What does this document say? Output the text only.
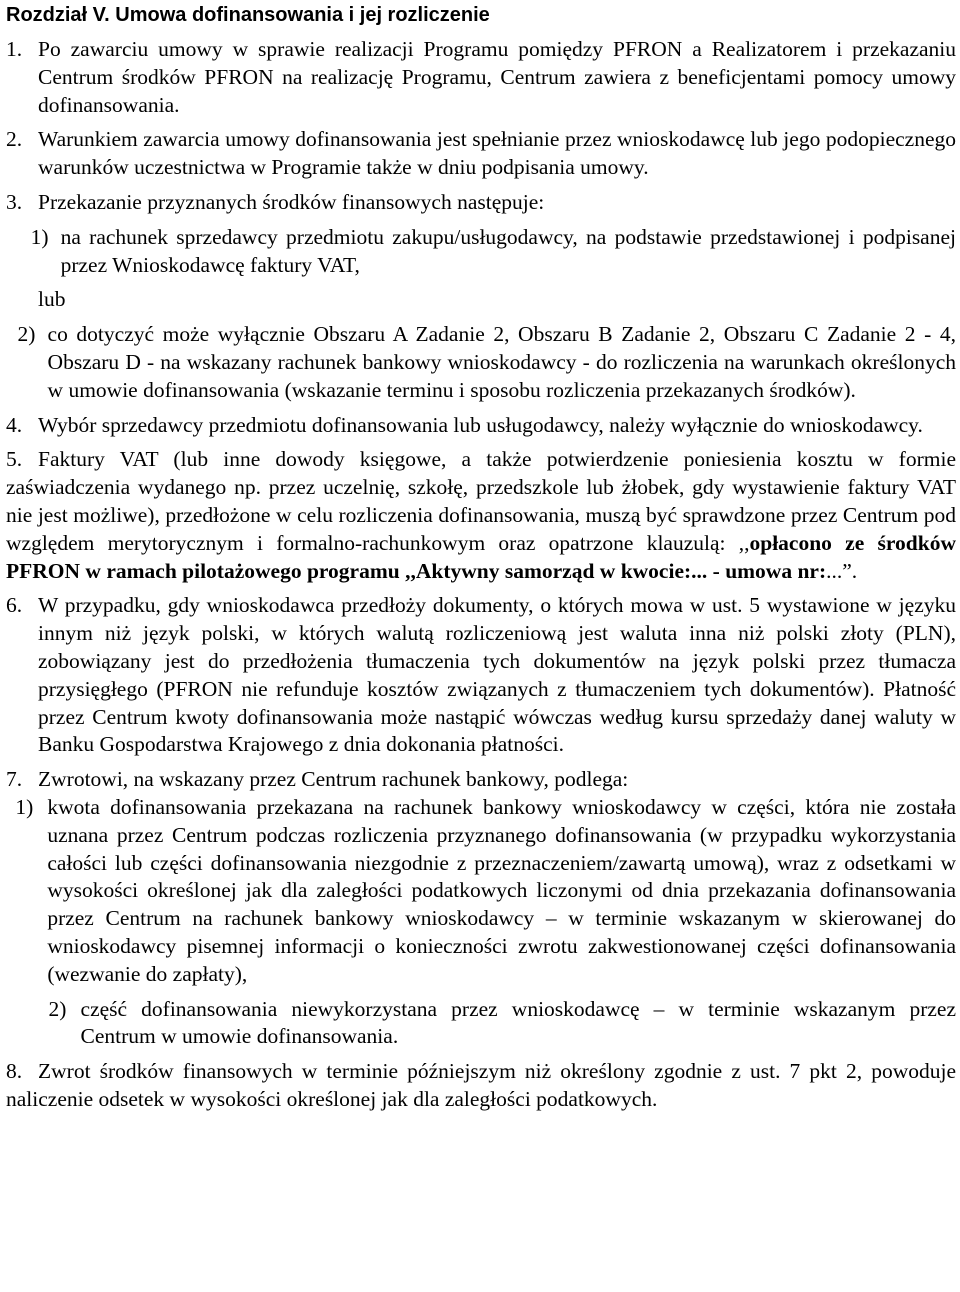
Rozdział V. Umowa dofinansowania i jej rozliczenie
1. Po zawarciu umowy w sprawie realizacji Programu pomiędzy PFRON a Realizatorem i przekazaniu Centrum środków PFRON na realizację Programu, Centrum zawiera z beneficjentami pomocy umowy dofinansowania.
2. Warunkiem zawarcia umowy dofinansowania jest spełnianie przez wnioskodawcę lub jego podopiecznego warunków uczestnictwa w Programie także w dniu podpisania umowy.
3. Przekazanie przyznanych środków finansowych następuje:
1) na rachunek sprzedawcy przedmiotu zakupu/usługodawcy, na podstawie przedstawionej i podpisanej przez Wnioskodawcę faktury VAT,
lub
2) co dotyczyć może wyłącznie Obszaru A Zadanie 2, Obszaru B Zadanie 2, Obszaru C Zadanie 2 - 4, Obszaru D - na wskazany rachunek bankowy wnioskodawcy - do rozliczenia na warunkach określonych w umowie dofinansowania (wskazanie terminu i sposobu rozliczenia przekazanych środków).
4. Wybór sprzedawcy przedmiotu dofinansowania lub usługodawcy, należy wyłącznie do wnioskodawcy.
5. Faktury VAT (lub inne dowody księgowe, a także potwierdzenie poniesienia kosztu w formie zaświadczenia wydanego np. przez uczelnię, szkołę, przedszkole lub żłobek, gdy wystawienie faktury VAT nie jest możliwe), przedłożone w celu rozliczenia dofinansowania, muszą być sprawdzone przez Centrum pod względem merytorycznym i formalno-rachunkowym oraz opatrzone klauzulą: ,,opłacono ze środków PFRON w ramach pilotażowego programu ,,Aktywny samorząd w kwocie:... - umowa nr:...”.
6. W przypadku, gdy wnioskodawca przedłoży dokumenty, o których mowa w ust. 5 wystawione w języku innym niż język polski, w których walutą rozliczeniową jest waluta inna niż polski złoty (PLN), zobowiązany jest do przedłożenia tłumaczenia tych dokumentów na język polski przez tłumacza przysięgłego (PFRON nie refunduje kosztów związanych z tłumaczeniem tych dokumentów). Płatność przez Centrum kwoty dofinansowania może nastąpić wówczas według kursu sprzedaży danej waluty w Banku Gospodarstwa Krajowego z dnia dokonania płatności.
7. Zwrotowi, na wskazany przez Centrum rachunek bankowy, podlega:
1) kwota dofinansowania przekazana na rachunek bankowy wnioskodawcy w części, która nie została uznana przez Centrum podczas rozliczenia przyznanego dofinansowania (w przypadku wykorzystania całości lub części dofinansowania niezgodnie z przeznaczeniem/zawartą umową), wraz z odsetkami w wysokości określonej jak dla zaległości podatkowych liczonymi od dnia przekazania dofinansowania przez Centrum na rachunek bankowy wnioskodawcy – w terminie wskazanym w skierowanej do wnioskodawcy pisemnej informacji o konieczności zwrotu zakwestionowanej części dofinansowania (wezwanie do zapłaty),
2) część dofinansowania niewykorzystana przez wnioskodawcę – w terminie wskazanym przez Centrum w umowie dofinansowania.
8. Zwrot środków finansowych w terminie późniejszym niż określony zgodnie z ust. 7 pkt 2, powoduje naliczenie odsetek w wysokości określonej jak dla zaległości podatkowych.
